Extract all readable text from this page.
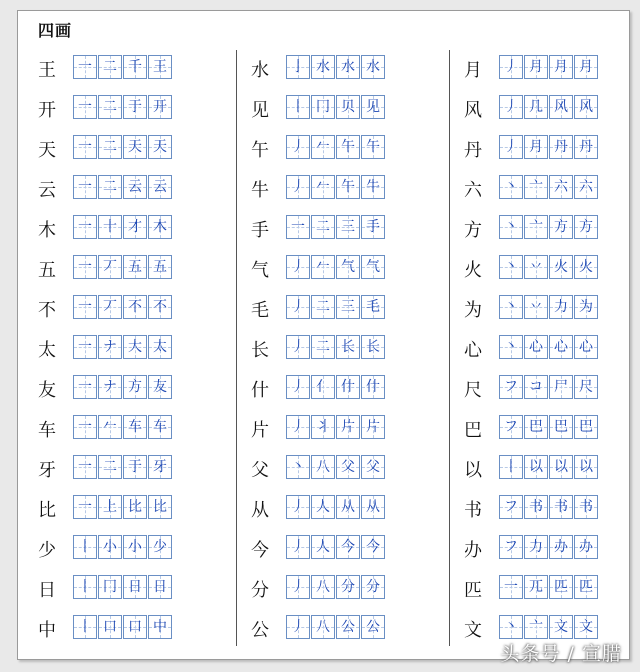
四画
王	一 二 千 王
开	一 二 于 开
天	一 二 天 天
云	一 二 云 云
木	一 十 才 木
五	一 丆 五 五
不	一 丆 不 不
太	一 ナ 大 太
友	一 ナ 方 友
车	一 𠂉 车 车
牙	一 二 于 牙
比	一 上 比 比
少	丨 小 小 少
日	丨 冂 日 日
中	丨 口 口 中
水	亅 水 水 水
见	丨 冂 贝 见
午	丿 𠂉 午 午
牛	丿 𠂉 午 牛
手	一 二 三 手
气	丿 𠂉 气 气
毛	丿 二 三 毛
长	丿 二 长 长
什	丿 亻 什 什
片	丿 丬 片 片
父	丶 八 父 父
从	丿 人 从 从
今	丿 人 今 今
分	丿 八 分 分
公	丿 八 公 公
月	丿 月 月 月
风	丿 几 风 风
丹	丿 月 丹 丹
六	丶 亠 六 六
方	丶 亠 方 方
火	丶 丷 火 火
为	丶 丷 力 为
心	丶 心 心 心
尺	フ コ 尸 尺
巴	フ 巴 巴 巴
以	丨 以 以 以
书	フ 书 书 书
办	フ 力 办 办
匹	一 兀 匹 匹
文	丶 亠 文 文
头条号 / 宣腊
